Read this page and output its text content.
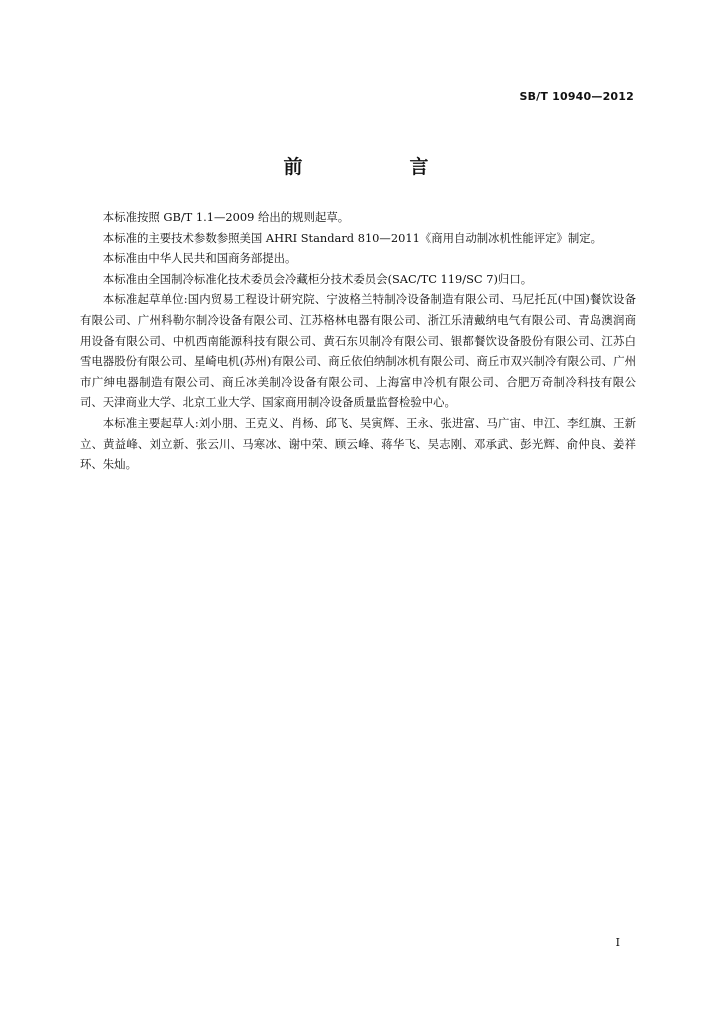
SB/T 10940—2012
前　言

本标准按照 GB/T 1.1—2009 给出的规则起草。

本标准的主要技术参数参照美国 AHRI Standard 810—2011《商用自动制冰机性能评定》制定。

本标准由中华人民共和国商务部提出。

本标准由全国制冷标准化技术委员会冷藏柜分技术委员会(SAC/TC 119/SC 7)归口。

本标准起草单位:国内贸易工程设计研究院、宁波格兰特制冷设备制造有限公司、马尼托瓦(中国)餐饮设备有限公司、广州科勒尔制冷设备有限公司、江苏格林电器有限公司、浙江乐清戴纳电气有限公司、青岛澳润商用设备有限公司、中机西南能源科技有限公司、黄石东贝制冷有限公司、银都餐饮设备股份有限公司、江苏白雪电器股份有限公司、星崎电机(苏州)有限公司、商丘依伯纳制冰机有限公司、商丘市双兴制冷有限公司、广州市广绅电器制造有限公司、商丘冰美制冷设备有限公司、上海富申冷机有限公司、合肥万奇制冷科技有限公司、天津商业大学、北京工业大学、国家商用制冷设备质量监督检验中心。

本标准主要起草人:刘小朋、王克义、肖杨、邱飞、吴寅辉、王永、张进富、马广宙、申江、李红旗、王新立、黄益峰、刘立新、张云川、马寒冰、谢中荣、顾云峰、蒋华飞、吴志刚、邓承武、彭光辉、俞仲良、姜祥环、朱灿。

I
